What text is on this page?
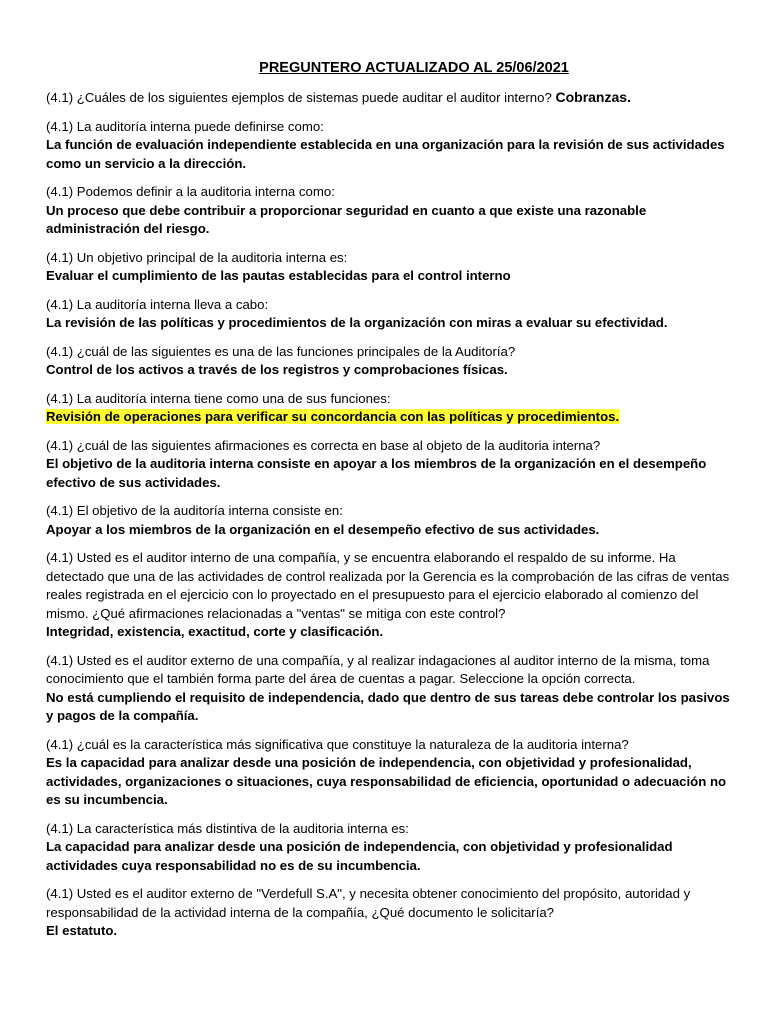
PREGUNTERO ACTUALIZADO AL 25/06/2021
(4.1) ¿Cuáles de los siguientes ejemplos de sistemas puede auditar el auditor interno? Cobranzas.
(4.1) La auditoría interna puede definirse como:
La función de evaluación independiente establecida en una organización para la revisión de sus actividades como un servicio a la dirección.
(4.1) Podemos definir a la auditoria interna como:
Un proceso que debe contribuir a proporcionar seguridad en cuanto a que existe una razonable administración del riesgo.
(4.1) Un objetivo principal de la auditoria interna es:
Evaluar el cumplimiento de las pautas establecidas para el control interno
(4.1) La auditoría interna lleva a cabo:
La revisión de las políticas y procedimientos de la organización con miras a evaluar su efectividad.
(4.1) ¿cuál de las siguientes es una de las funciones principales de la Auditoría?
Control de los activos a través de los registros y comprobaciones físicas.
(4.1) La auditoría interna tiene como una de sus funciones:
Revisión de operaciones para verificar su concordancia con las políticas y procedimientos.
(4.1) ¿cuál de las siguientes afirmaciones es correcta en base al objeto de la auditoria interna?
El objetivo de la auditoria interna consiste en apoyar a los miembros de la organización en el desempeño efectivo de sus actividades.
(4.1) El objetivo de la auditoría interna consiste en:
Apoyar a los miembros de la organización en el desempeño efectivo de sus actividades.
(4.1) Usted es el auditor interno de una compañía, y se encuentra elaborando el respaldo de su informe. Ha detectado que una de las actividades de control realizada por la Gerencia es la comprobación de las cifras de ventas reales registrada en el ejercicio con lo proyectado en el presupuesto para el ejercicio elaborado al comienzo del mismo. ¿Qué afirmaciones relacionadas a "ventas" se mitiga con este control?
Integridad, existencia, exactitud, corte y clasificación.
(4.1) Usted es el auditor externo de una compañía, y al realizar indagaciones al auditor interno de la misma, toma conocimiento que el también forma parte del área de cuentas a pagar. Seleccione la opción correcta.
No está cumpliendo el requisito de independencia, dado que dentro de sus tareas debe controlar los pasivos y pagos de la compañía.
(4.1) ¿cuál es la característica más significativa que constituye la naturaleza de la auditoria interna?
Es la capacidad para analizar desde una posición de independencia, con objetividad y profesionalidad, actividades, organizaciones o situaciones, cuya responsabilidad de eficiencia, oportunidad o adecuación no es su incumbencia.
(4.1) La característica más distintiva de la auditoria interna es:
La capacidad para analizar desde una posición de independencia, con objetividad y profesionalidad actividades cuya responsabilidad no es de su incumbencia.
(4.1) Usted es el auditor externo de "Verdefull S.A", y necesita obtener conocimiento del propósito, autoridad y responsabilidad de la actividad interna de la compañía, ¿Qué documento le solicitaría?
El estatuto.
